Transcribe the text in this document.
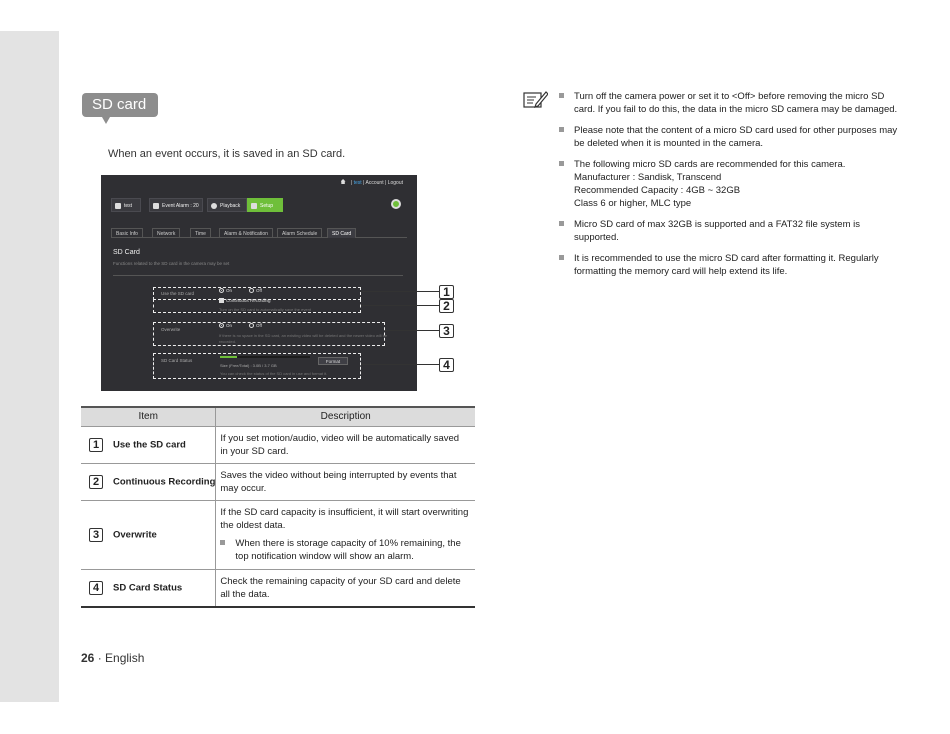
SD card
When an event occurs, it is saved in an SD card.
| test | Account | Logout
test	Event Alarm : 20	Playback	Setup
Basic Info	Network	Time	Alarm & Notification	Alarm Schedule	SD Card
SD Card
Functions related to the SD card in the camera may be set
Use the SD card
On	Off
Continuous Recording
Turn on the SD card to automatically save the event
Overwrite
On	Off
If there is no space in the SD card, an existing video will be deleted and the newer video will be
recorded.
SD Card Status	Format
Size (Free/Total) : 3.0B / 3.7 GB
You can check the status of the SD card in use and format it.
1
2
3
4
Item	Description
1 Use the SD card	If you set motion/audio, video will be automatically saved in your SD card.
2 Continuous Recording	Saves the video without being interrupted by events that may occur.
3 Overwrite	If the SD card capacity is insufficient, it will start overwriting the oldest data.
When there is storage capacity of 10% remaining, the top notification window will show an alarm.

4 SD Card Status	Check the remaining capacity of your SD card and delete all the data.
26 · English
Turn off the camera power or set it to <Off> before removing the micro SD card. If you fail to do this, the data in the micro SD camera may be damaged.
Please note that the content of a micro SD card used for other purposes may be deleted when it is mounted in the camera.
The following micro SD cards are recommended for this camera.
Manufacturer : Sandisk, Transcend
Recommended Capacity : 4GB ~ 32GB
Class 6 or higher, MLC type
Micro SD card of max 32GB is supported and a FAT32 file system is supported.
It is recommended to use the micro SD card after formatting it. Regularly formatting the memory card will help extend its life.
